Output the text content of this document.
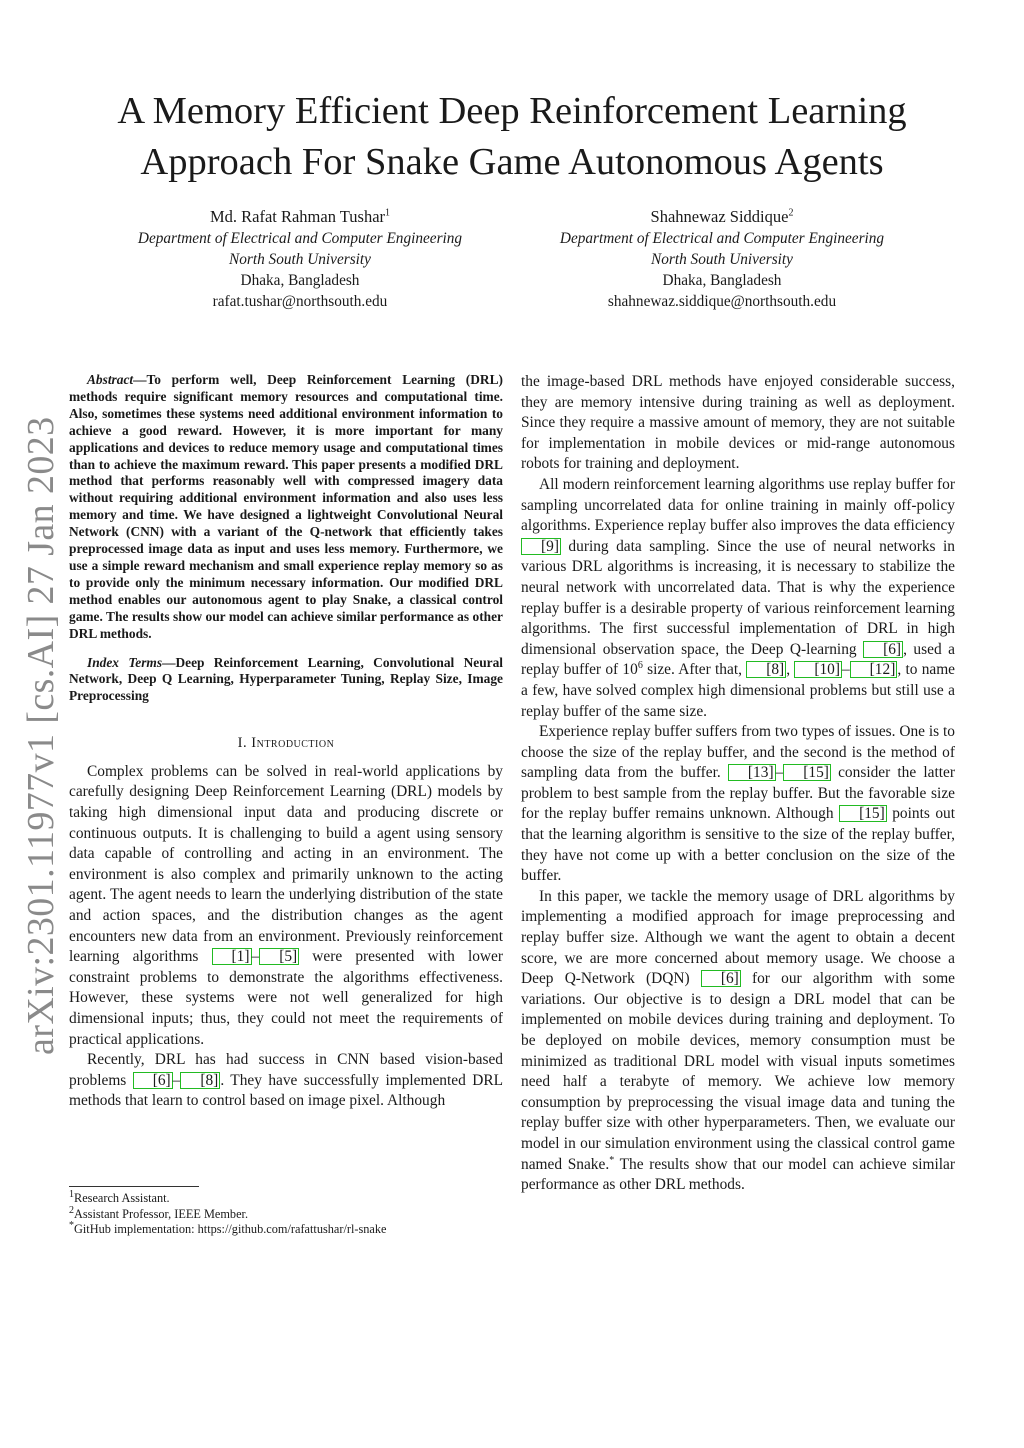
arXiv:2301.11977v1 [cs.AI] 27 Jan 2023
A Memory Efficient Deep Reinforcement Learning
Approach For Snake Game Autonomous Agents
Md. Rafat Rahman Tushar$^1$
Department of Electrical and Computer Engineering
North South University
Dhaka, Bangladesh
rafat.tushar@northsouth.edu
Shahnewaz Siddique$^2$
Department of Electrical and Computer Engineering
North South University
Dhaka, Bangladesh
shahnewaz.siddique@northsouth.edu

Abstract—To perform well, Deep Reinforcement Learning (DRL) methods require significant memory resources and computational time. Also, sometimes these systems need additional environment information to achieve a good reward. However, it is more important for many applications and devices to reduce memory usage and computational times than to achieve the maximum reward. This paper presents a modified DRL method that performs reasonably well with compressed imagery data without requiring additional environment information and also uses less memory and time. We have designed a lightweight Convolutional Neural Network (CNN) with a variant of the Q-network that efficiently takes preprocessed image data as input and uses less memory. Furthermore, we use a simple reward mechanism and small experience replay memory so as to provide only the minimum necessary information. Our modified DRL method enables our autonomous agent to play Snake, a classical control game. The results show our model can achieve similar performance as other DRL methods.

Index Terms—Deep Reinforcement Learning, Convolutional Neural Network, Deep Q Learning, Hyperparameter Tuning, Replay Size, Image Preprocessing

I. Introduction

Complex problems can be solved in real-world applications by carefully designing Deep Reinforcement Learning (DRL) models by taking high dimensional input data and producing discrete or continuous outputs. It is challenging to build a agent using sensory data capable of controlling and acting in an environment. The environment is also complex and primarily unknown to the acting agent. The agent needs to learn the underlying distribution of the state and action spaces, and the distribution changes as the agent encounters new data from an environment. Previously reinforcement learning algorithms [1] – [5] were presented with lower constraint problems to demonstrate the algorithms effectiveness. However, these systems were not well generalized for high dimensional inputs; thus, they could not meet the requirements of practical applications.

Recently, DRL has had success in CNN based vision-based problems [6] – [8] . They have successfully implemented DRL methods that learn to control based on image pixel. Although

$^1$Research Assistant.

$^2$Assistant Professor, IEEE Member.

*GitHub implementation: https://github.com/rafattushar/rl-snake

the image-based DRL methods have enjoyed considerable success, they are memory intensive during training as well as deployment. Since they require a massive amount of memory, they are not suitable for implementation in mobile devices or mid-range autonomous robots for training and deployment.

All modern reinforcement learning algorithms use replay buffer for sampling uncorrelated data for online training in mainly off-policy algorithms. Experience replay buffer also improves the data efficiency [9] during data sampling. Since the use of neural networks in various DRL algorithms is increasing, it is necessary to stabilize the neural network with uncorrelated data. That is why the experience replay buffer is a desirable property of various reinforcement learning algorithms. The first successful implementation of DRL in high dimensional observation space, the Deep Q-learning [6] , used a replay buffer of $10^6$ size. After that, [8] , [10] – [12] , to name a few, have solved complex high dimensional problems but still use a replay buffer of the same size.

Experience replay buffer suffers from two types of issues. One is to choose the size of the replay buffer, and the second is the method of sampling data from the buffer. [13] – [15] consider the latter problem to best sample from the replay buffer. But the favorable size for the replay buffer remains unknown. Although [15] points out that the learning algorithm is sensitive to the size of the replay buffer, they have not come up with a better conclusion on the size of the buffer.

In this paper, we tackle the memory usage of DRL algorithms by implementing a modified approach for image preprocessing and replay buffer size. Although we want the agent to obtain a decent score, we are more concerned about memory usage. We choose a Deep Q-Network (DQN) [6] for our algorithm with some variations. Our objective is to design a DRL model that can be implemented on mobile devices during training and deployment. To be deployed on mobile devices, memory consumption must be minimized as traditional DRL model with visual inputs sometimes need half a terabyte of memory. We achieve low memory consumption by preprocessing the visual image data and tuning the replay buffer size with other hyperparameters. Then, we evaluate our model in our simulation environment using the classical control game named Snake.* The results show that our model can achieve similar performance as other DRL methods.
